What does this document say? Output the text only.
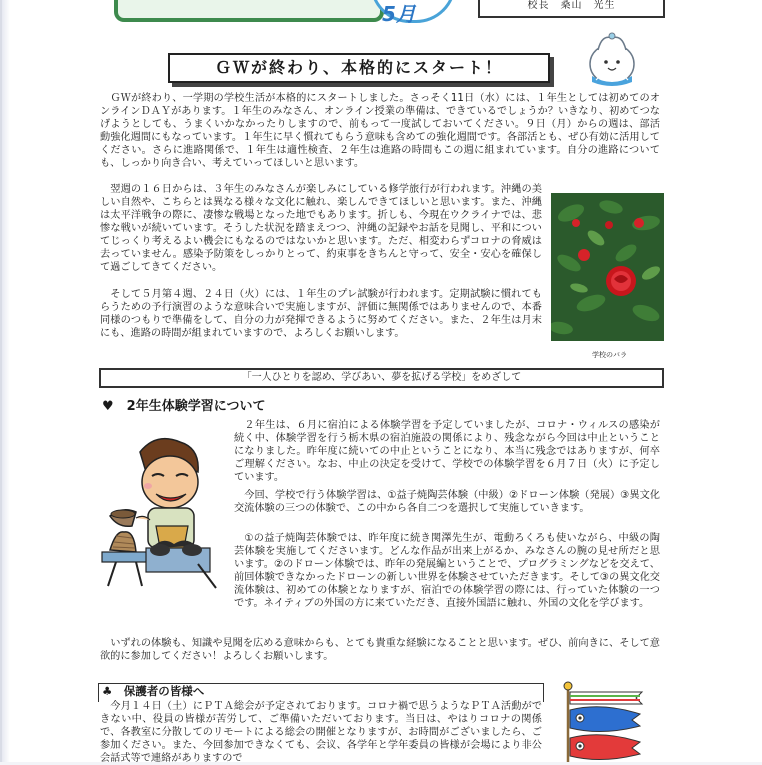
5月	校長　桑山　光生
ＧＷが終わり、本格的にスタート！
　ＧＷが終わり、一学期の学校生活が本格的にスタートしました。さっそく11日（水）には、１年生としては初めてのオンラインＤＡＹがあります。１年生のみなさん、オンライン授業の準備は、できているでしょうか？いきなり、初めてつなげようとしても、うまくいかなかったりしますので、前もって一度試しておいてください。９日（月）からの週は、部活動強化週間にもなっています。１年生に早く慣れてもらう意味も含めての強化週間です。各部活とも、ぜひ有効に活用してください。さらに進路関係で、１年生は適性検査、２年生は進路の時間もこの週に組まれています。自分の進路についても、しっかり向き合い、考えていってほしいと思います。
　翌週の１６日からは、３年生のみなさんが楽しみにしている修学旅行が行われます。沖縄の美しい自然や、こちらとは異なる様々な文化に触れ、楽しんできてほしいと思います。また、沖縄は太平洋戦争の際に、凄惨な戦場となった地でもあります。折しも、今現在ウクライナでは、悲惨な戦いが続いています。そうした状況を踏まえつつ、沖縄の記録やお話を見聞し、平和についてじっくり考えるよい機会にもなるのではないかと思います。ただ、相変わらずコロナの脅威は去っていません。感染予防策をしっかりとって、約束事をきちんと守って、安全・安心を確保して過ごしてきてください。
　そして５月第４週、２４日（火）には、１年生のプレ試験が行われます。定期試験に慣れてもらうための予行演習のような意味合いで実施しますが、評価に無関係ではありませんので、本番同様のつもりで準備をして、自分の力が発揮できるように努めてください。また、２年生は月末にも、進路の時間が組まれていますので、よろしくお願いします。
学校のバラ
「一人ひとりを認め、学びあい、夢を拡げる学校」をめざして
♥　2年生体験学習について
　２年生は、６月に宿泊による体験学習を予定していましたが、コロナ・ウィルスの感染が続く中、体験学習を行う栃木県の宿泊施設の関係により、残念ながら今回は中止ということになりました。昨年度に続いての中止ということになり、本当に残念ではありますが、何卒ご理解ください。なお、中止の決定を受けて、学校での体験学習を６月７日（火）に予定しています。
　今回、学校で行う体験学習は、①益子焼陶芸体験（中級）②ドローン体験（発展）③異文化交流体験の三つの体験で、この中から各自二つを選択して実施していきます。
　①の益子焼陶芸体験では、昨年度に続き関澤先生が、電動ろくろも使いながら、中級の陶芸体験を実施してくださいます。どんな作品が出来上がるか、みなさんの腕の見せ所だと思います。②のドローン体験では、昨年の発展編ということで、プログラミングなどを交えて、前回体験できなかったドローンの新しい世界を体験させていただきます。そして③の異文化交流体験は、初めての体験となりますが、宿泊での体験学習の際には、行っていた体験の一つです。ネイティブの外国の方に来ていただき、直接外国語に触れ、外国の文化を学びます。
　いずれの体験も、知識や見聞を広める意味からも、とても貴重な経験になることと思います。ぜひ、前向きに、そして意欲的に参加してください！よろしくお願いします。
♣　保護者の皆様へ
　今月１４日（土）にＰＴＡ総会が予定されております。コロナ禍で思うようなＰＴＡ活動ができない中、役員の皆様が苦労して、ご準備いただいております。当日は、やはりコロナの関係で、各教室に分散してのリモートによる総会の開催となりますが、お時間がございましたら、ご参加ください。また、今回参加できなくても、会议、各学年と学年委員の皆様が会場により非公会話式等で連絡がありますので
